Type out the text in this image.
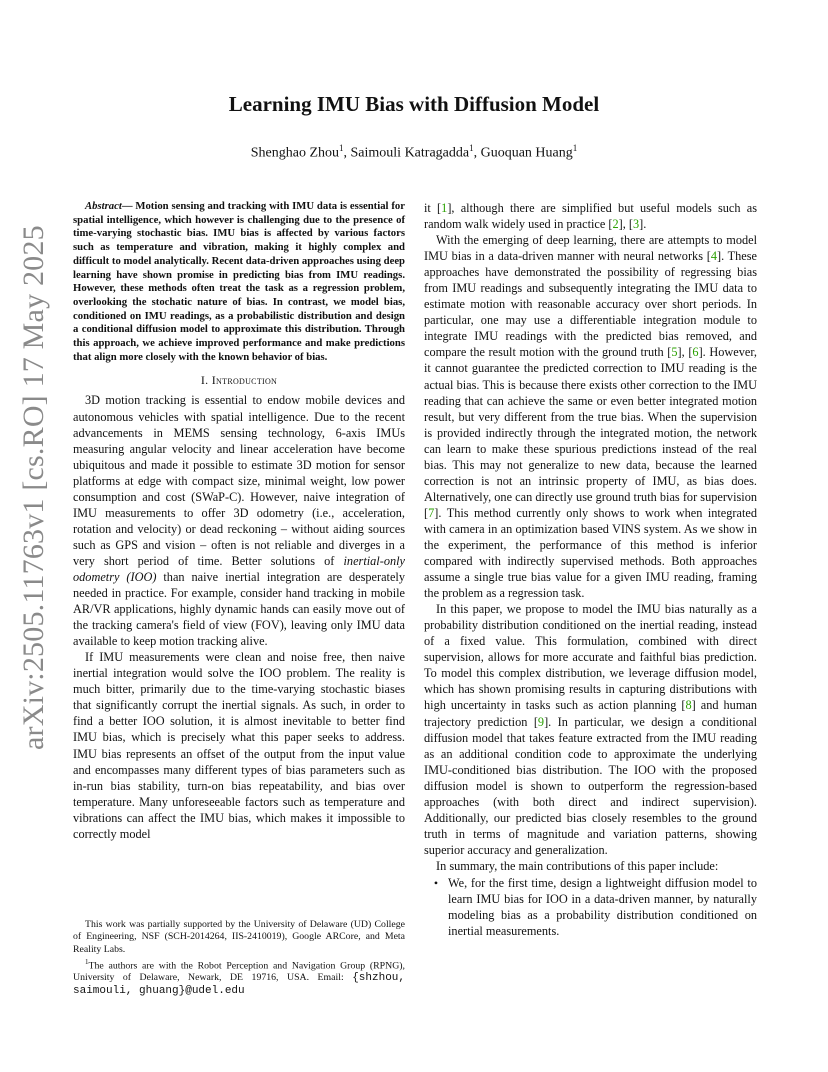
arXiv:2505.11763v1 [cs.RO] 17 May 2025
Learning IMU Bias with Diffusion Model
Shenghao Zhou$^1$, Saimouli Katragadda$^1$, Guoquan Huang$^1$

Abstract— Motion sensing and tracking with IMU data is essential for spatial intelligence, which however is challenging due to the presence of time-varying stochastic bias. IMU bias is affected by various factors such as temperature and vibration, making it highly complex and difficult to model analytically. Recent data-driven approaches using deep learning have shown promise in predicting bias from IMU readings. However, these methods often treat the task as a regression problem, overlooking the stochatic nature of bias. In contrast, we model bias, conditioned on IMU readings, as a probabilistic distribution and design a conditional diffusion model to approximate this distribution. Through this approach, we achieve improved performance and make predictions that align more closely with the known behavior of bias.

I. Introduction

3D motion tracking is essential to endow mobile devices and autonomous vehicles with spatial intelligence. Due to the recent advancements in MEMS sensing technology, 6-axis IMUs measuring angular velocity and linear acceleration have become ubiquitous and made it possible to estimate 3D motion for sensor platforms at edge with compact size, minimal weight, low power consumption and cost (SWaP-C). However, naive integration of IMU measurements to offer 3D odometry (i.e., acceleration, rotation and velocity) or dead reckoning – without aiding sources such as GPS and vision – often is not reliable and diverges in a very short period of time. Better solutions of inertial-only odometry (IOO) than naive inertial integration are desperately needed in practice. For example, consider hand tracking in mobile AR/VR applications, highly dynamic hands can easily move out of the tracking camera's field of view (FOV), leaving only IMU data available to keep motion tracking alive.

If IMU measurements were clean and noise free, then naive inertial integration would solve the IOO problem. The reality is much bitter, primarily due to the time-varying stochastic biases that significantly corrupt the inertial signals. As such, in order to find a better IOO solution, it is almost inevitable to better find IMU bias, which is precisely what this paper seeks to address. IMU bias represents an offset of the output from the input value and encompasses many different types of bias parameters such as in-run bias stability, turn-on bias repeatability, and bias over temperature. Many unforeseeable factors such as temperature and vibrations can affect the IMU bias, which makes it impossible to correctly model

This work was partially supported by the University of Delaware (UD) College of Engineering, NSF (SCH-2014264, IIS-2410019), Google ARCore, and Meta Reality Labs.

$^1$The authors are with the Robot Perception and Navigation Group (RPNG), University of Delaware, Newark, DE 19716, USA. Email: {shzhou, saimouli, ghuang}@udel.edu

it [1], although there are simplified but useful models such as random walk widely used in practice [2], [3].

With the emerging of deep learning, there are attempts to model IMU bias in a data-driven manner with neural networks [4]. These approaches have demonstrated the possibility of regressing bias from IMU readings and subsequently integrating the IMU data to estimate motion with reasonable accuracy over short periods. In particular, one may use a differentiable integration module to integrate IMU readings with the predicted bias removed, and compare the result motion with the ground truth [5], [6]. However, it cannot guarantee the predicted correction to IMU reading is the actual bias. This is because there exists other correction to the IMU reading that can achieve the same or even better integrated motion result, but very different from the true bias. When the supervision is provided indirectly through the integrated motion, the network can learn to make these spurious predictions instead of the real bias. This may not generalize to new data, because the learned correction is not an intrinsic property of IMU, as bias does. Alternatively, one can directly use ground truth bias for supervision [7]. This method currently only shows to work when integrated with camera in an optimization based VINS system. As we show in the experiment, the performance of this method is inferior compared with indirectly supervised methods. Both approaches assume a single true bias value for a given IMU reading, framing the problem as a regression task.

In this paper, we propose to model the IMU bias naturally as a probability distribution conditioned on the inertial reading, instead of a fixed value. This formulation, combined with direct supervision, allows for more accurate and faithful bias prediction. To model this complex distribution, we leverage diffusion model, which has shown promising results in capturing distributions with high uncertainty in tasks such as action planning [8] and human trajectory prediction [9]. In particular, we design a conditional diffusion model that takes feature extracted from the IMU reading as an additional condition code to approximate the underlying IMU-conditioned bias distribution. The IOO with the proposed diffusion model is shown to outperform the regression-based approaches (with both direct and indirect supervision). Additionally, our predicted bias closely resembles to the ground truth in terms of magnitude and variation patterns, showing superior accuracy and generalization.

In summary, the main contributions of this paper include:

• We, for the first time, design a lightweight diffusion model to learn IMU bias for IOO in a data-driven manner, by naturally modeling bias as a probability distribution conditioned on inertial measurements.
